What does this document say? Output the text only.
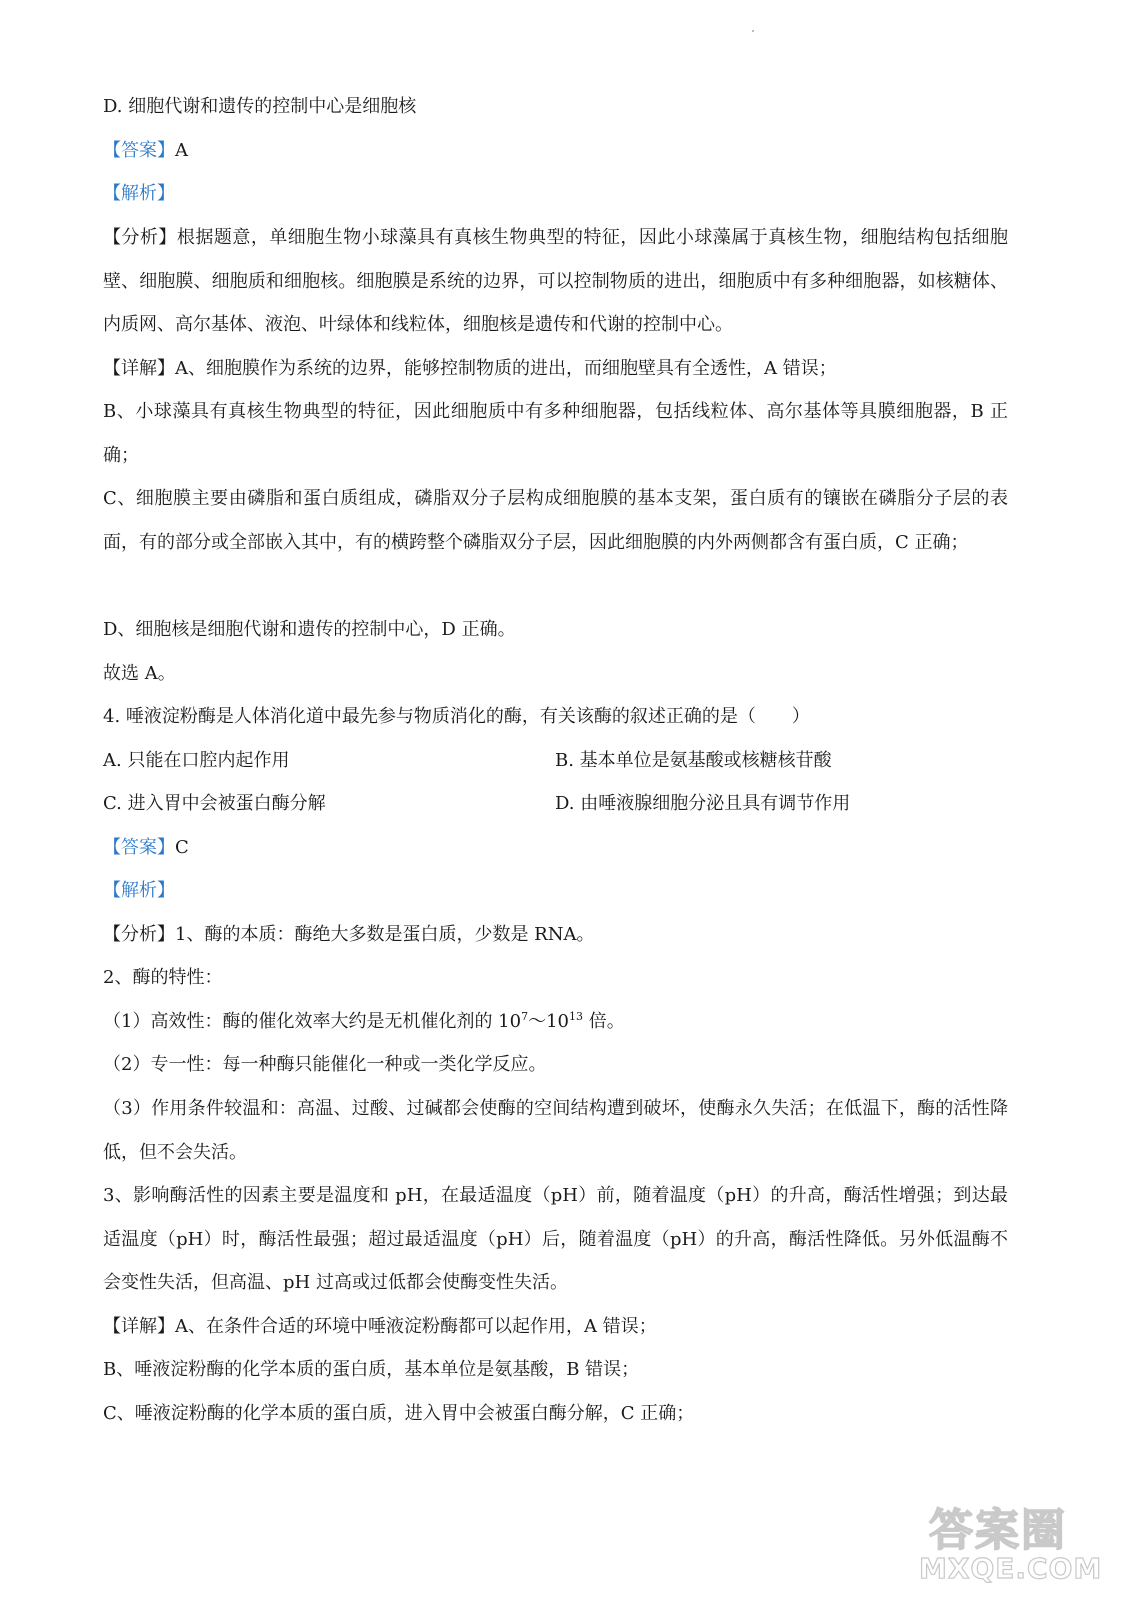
D. 细胞代谢和遗传的控制中心是细胞核
【答案】A
【解析】
【分析】根据题意，单细胞生物小球藻具有真核生物典型的特征，因此小球藻属于真核生物，细胞结构包括细胞壁、细胞膜、细胞质和细胞核。细胞膜是系统的边界，可以控制物质的进出，细胞质中有多种细胞器，如核糖体、内质网、高尔基体、液泡、叶绿体和线粒体，细胞核是遗传和代谢的控制中心。
【详解】A、细胞膜作为系统的边界，能够控制物质的进出，而细胞壁具有全透性，A 错误；
B、小球藻具有真核生物典型的特征，因此细胞质中有多种细胞器，包括线粒体、高尔基体等具膜细胞器，B 正确；
C、细胞膜主要由磷脂和蛋白质组成，磷脂双分子层构成细胞膜的基本支架，蛋白质有的镶嵌在磷脂分子层的表面，有的部分或全部嵌入其中，有的横跨整个磷脂双分子层，因此细胞膜的内外两侧都含有蛋白质，C 正确；
D、细胞核是细胞代谢和遗传的控制中心，D 正确。
故选 A。
4. 唾液淀粉酶是人体消化道中最先参与物质消化的酶，有关该酶的叙述正确的是（　　）
A. 只能在口腔内起作用	B. 基本单位是氨基酸或核糖核苷酸
C. 进入胃中会被蛋白酶分解	D. 由唾液腺细胞分泌且具有调节作用
【答案】C
【解析】
【分析】1、酶的本质：酶绝大多数是蛋白质，少数是 RNA。
2、酶的特性：
（1）高效性：酶的催化效率大约是无机催化剂的 $10^7\sim 10^{13}$ 倍。
（2）专一性：每一种酶只能催化一种或一类化学反应。
（3）作用条件较温和：高温、过酸、过碱都会使酶的空间结构遭到破坏，使酶永久失活；在低温下，酶的活性降低，但不会失活。
3、影响酶活性的因素主要是温度和 pH，在最适温度（pH）前，随着温度（pH）的升高，酶活性增强；到达最适温度（pH）时，酶活性最强；超过最适温度（pH）后，随着温度（pH）的升高，酶活性降低。另外低温酶不会变性失活，但高温、pH 过高或过低都会使酶变性失活。
【详解】A、在条件合适的环境中唾液淀粉酶都可以起作用，A 错误；
B、唾液淀粉酶的化学本质的蛋白质，基本单位是氨基酸，B 错误；
C、唾液淀粉酶的化学本质的蛋白质，进入胃中会被蛋白酶分解，C 正确；
答案圈
MXQE.COM
